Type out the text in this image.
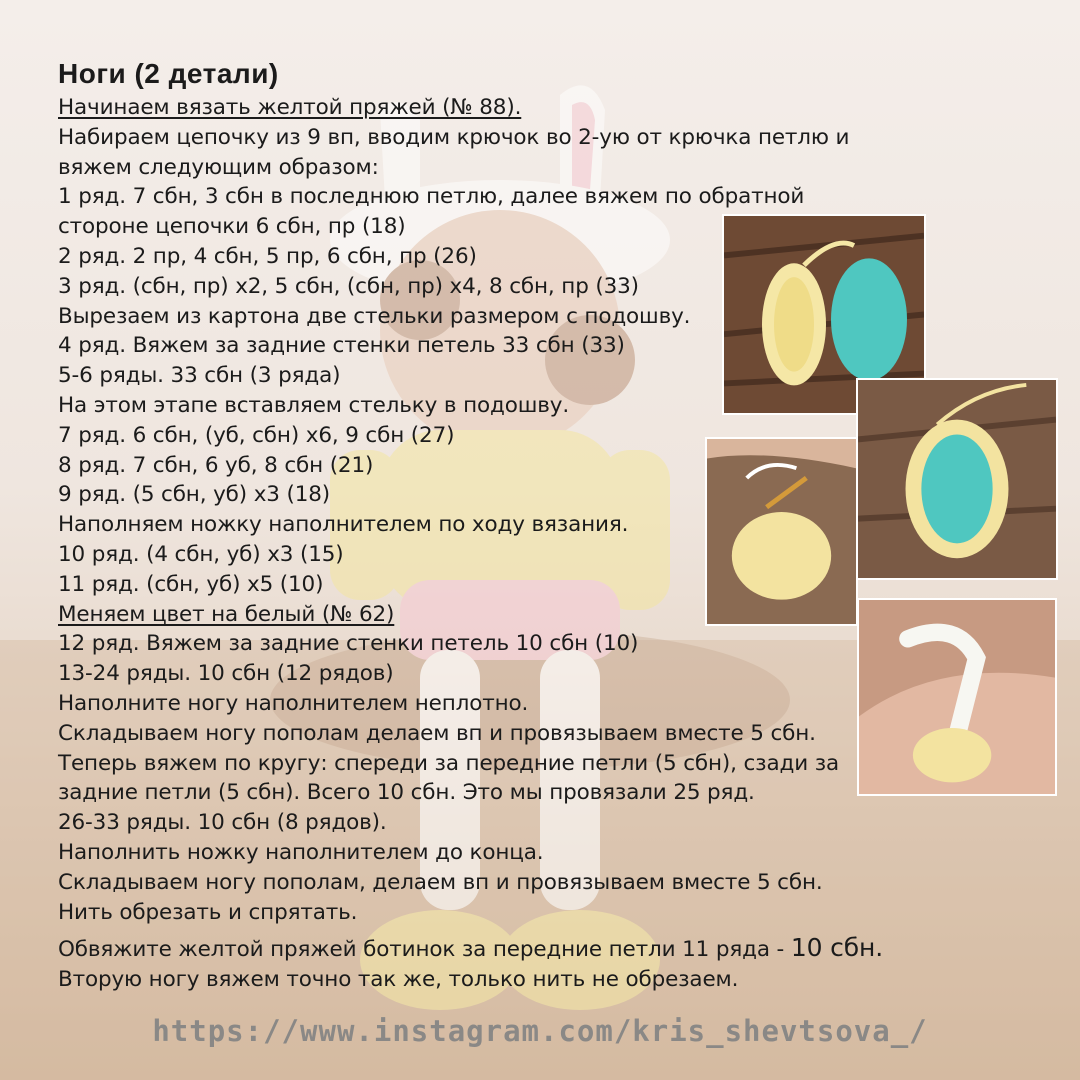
Ноги (2 детали)
Начинаем вязать желтой пряжей (№ 88).
Набираем цепочку из 9 вп, вводим крючок во 2-ую от крючка петлю и
вяжем следующим образом:
1 ряд. 7 сбн, 3 сбн в последнюю петлю, далее вяжем по обратной
стороне цепочки 6 сбн, пр (18)
2 ряд. 2 пр, 4 сбн, 5 пр, 6 сбн, пр (26)
3 ряд. (сбн, пр) х2, 5 сбн, (сбн, пр) х4, 8 сбн, пр (33)
Вырезаем из картона две стельки размером с подошву.
4 ряд. Вяжем за задние стенки петель 33 сбн (33)
5-6 ряды. 33 сбн (3 ряда)
На этом этапе вставляем стельку в подошву.
7 ряд. 6 сбн, (уб, сбн) х6, 9 сбн (27)
8 ряд. 7 сбн, 6 уб, 8 сбн (21)
9 ряд. (5 сбн, уб) х3 (18)
Наполняем ножку наполнителем по ходу вязания.
10 ряд. (4 сбн, уб) х3 (15)
11 ряд. (сбн, уб) х5 (10)
Меняем цвет на белый (№ 62)
12 ряд. Вяжем за задние стенки петель 10 сбн (10)
13-24 ряды. 10 сбн (12 рядов)
Наполните ногу наполнителем неплотно.
Складываем ногу пополам делаем вп и провязываем вместе 5 сбн.
Теперь вяжем по кругу: спереди за передние петли (5 сбн), сзади за
задние петли (5 сбн). Всего 10 сбн. Это мы провязали 25 ряд.
26-33 ряды. 10 сбн (8 рядов).
Наполнить ножку наполнителем до конца.
Складываем ногу пополам, делаем вп и провязываем вместе 5 сбн.
Нить обрезать и спрятать.
Обвяжите желтой пряжей ботинок за передние петли 11 ряда - 10 сбн.
Вторую ногу вяжем точно так же, только нить не обрезаем.
https://www.instagram.com/kris_shevtsova_/
